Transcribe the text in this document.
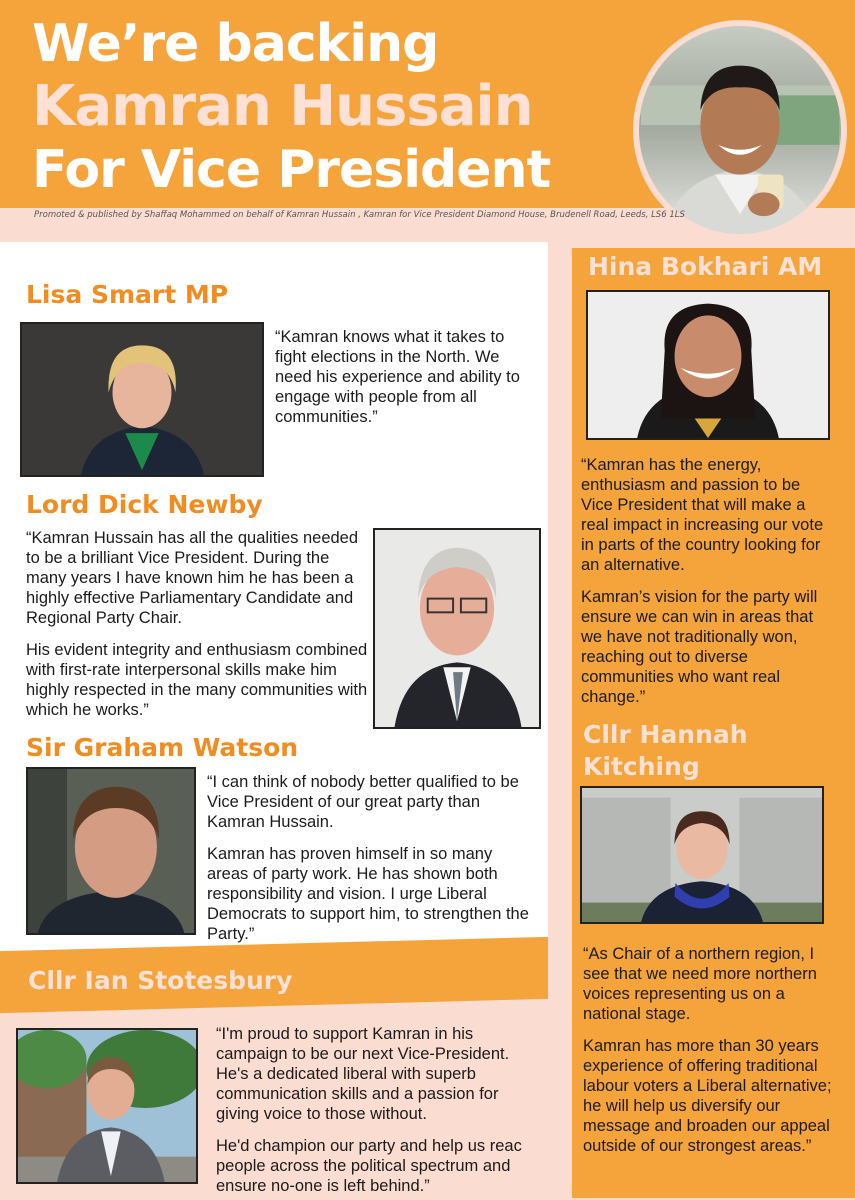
We’re backing
Kamran Hussain
For Vice President
Promoted & published by Shaffaq Mohammed on behalf of Kamran Hussain , Kamran for Vice President Diamond House, Brudenell Road, Leeds, LS6 1LS
Lisa Smart MP

“Kamran knows what it takes to fight elections in the North. We need his experience and ability to engage with people from all communities.”

Lord Dick Newby

“Kamran Hussain has all the qualities needed to be a brilliant Vice President. During the many years I have known him he has been a highly effective Parliamentary Candidate and Regional Party Chair.

His evident integrity and enthusiasm combined with first-rate interpersonal skills make him highly respected in the many communities with which he works.”

Sir Graham Watson

“I can think of nobody better qualified to be Vice President of our great party than Kamran Hussain.

Kamran has proven himself in so many areas of party work. He has shown both responsibility and vision. I urge Liberal Democrats to support him, to strengthen the Party.”

Cllr Ian Stotesbury

“I'm proud to support Kamran in his campaign to be our next Vice-President. He's a dedicated liberal with superb communication skills and a passion for giving voice to those without.

He'd champion our party and help us reac people across the political spectrum and ensure no-one is left behind.”

Hina Bokhari AM

“Kamran has the energy, enthusiasm and passion to be Vice President that will make a real impact in increasing our vote in parts of the country looking for an alternative.

Kamran’s vision for the party will ensure we can win in areas that we have not traditionally won, reaching out to diverse communities who want real change.”

Cllr Hannah
Kitching

“As Chair of a northern region, I see that we need more northern voices representing us on a national stage.

Kamran has more than 30 years experience of offering traditional labour voters a Liberal alternative; he will help us diversify our message and broaden our appeal outside of our strongest areas.”
